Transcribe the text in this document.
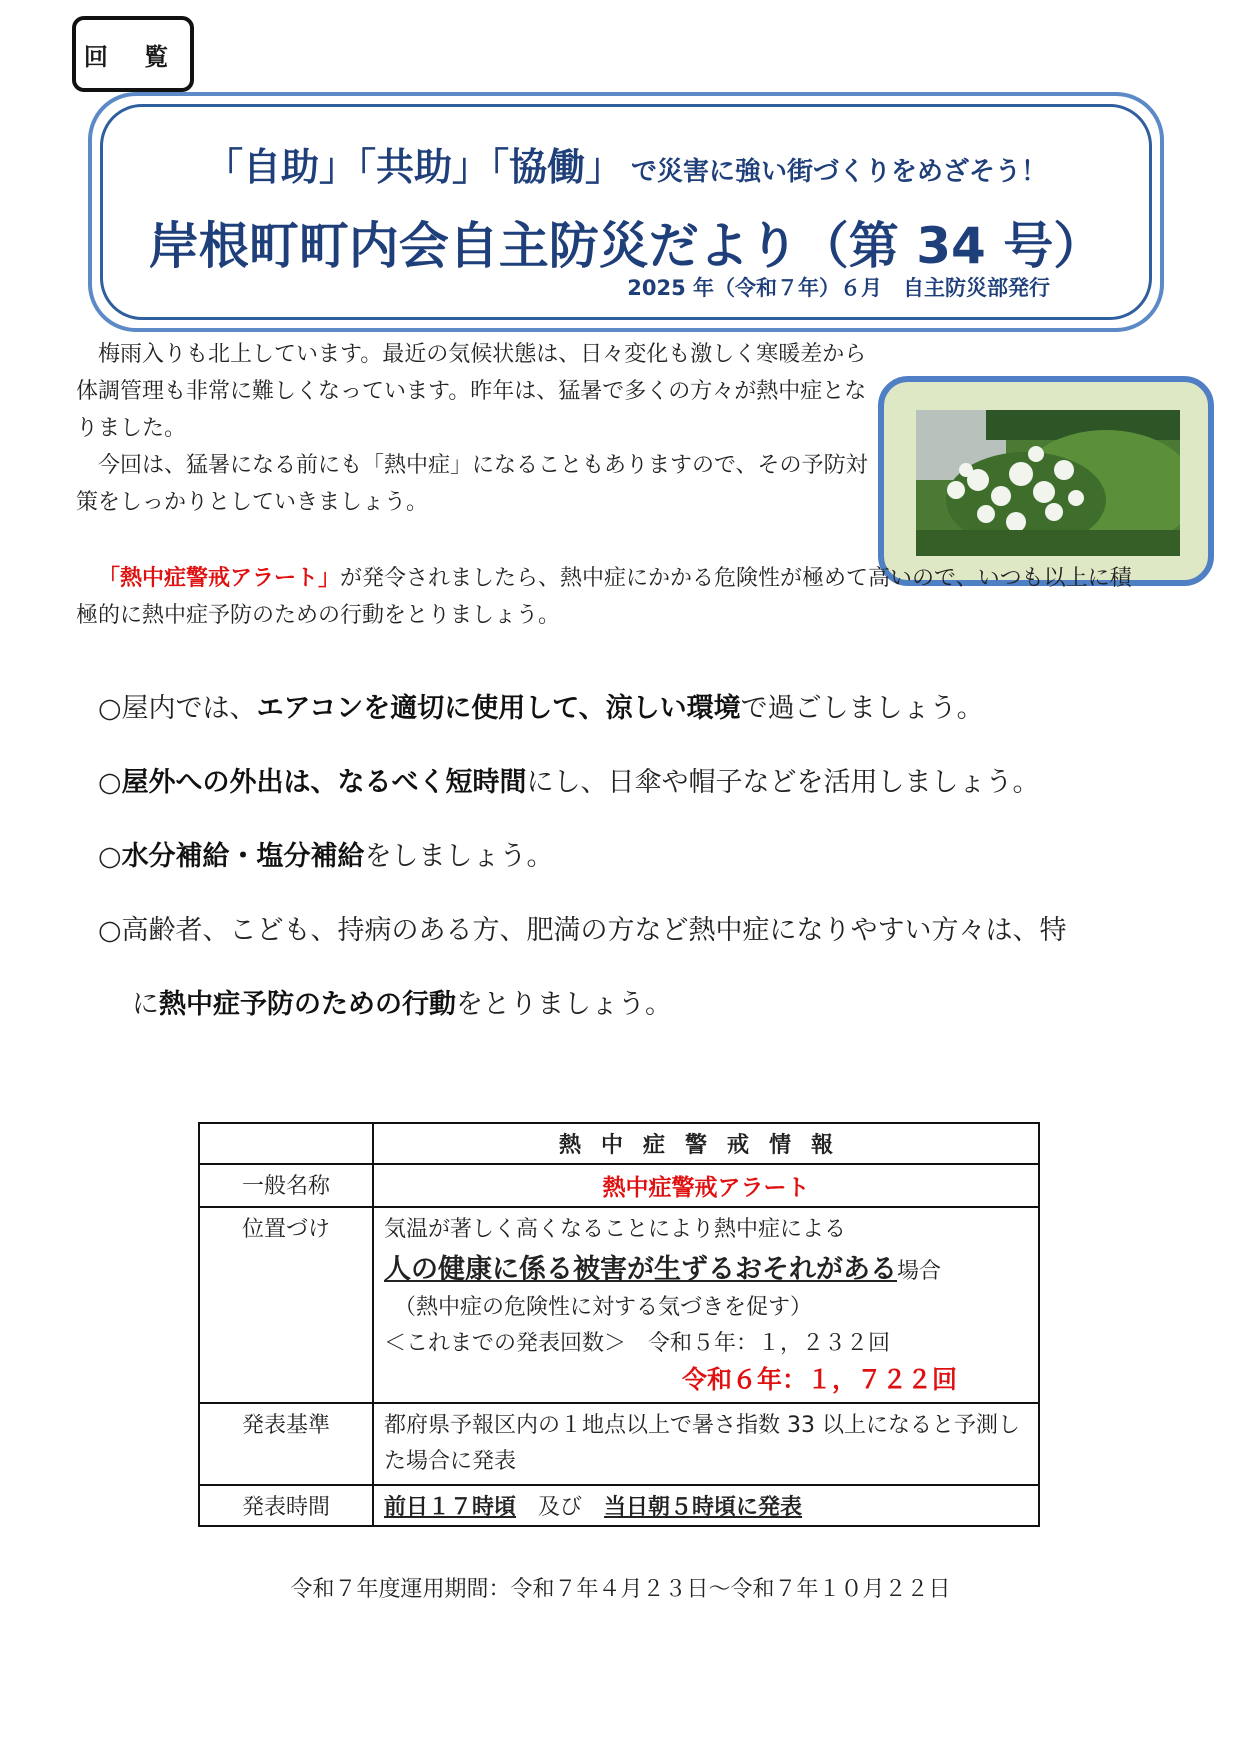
回 覧
「自助」「共助」「協働」 で災害に強い街づくりをめざそう！
岸根町町内会自主防災だより（第 34 号）
2025 年（令和７年）６月　自主防災部発行

梅雨入りも北上しています。最近の気候状態は、日々変化も激しく寒暖差から体調管理も非常に難しくなっています。昨年は、猛暑で多くの方々が熱中症となりました。

今回は、猛暑になる前にも「熱中症」になることもありますので、その予防対策をしっかりとしていきましょう。

「熱中症警戒アラート」が発令されましたら、熱中症にかかる危険性が極めて高いので、いつも以上に積極的に熱中症予防のための行動をとりましょう。
○屋内では、エアコンを適切に使用して、涼しい環境で過ごしましょう。
○屋外への外出は、なるべく短時間にし、日傘や帽子などを活用しましょう。
○水分補給・塩分補給をしましょう。
○高齢者、こども、持病のある方、肥満の方など熱中症になりやすい方々は、特
に熱中症予防のための行動をとりましょう。
	熱中症警戒情報
一般名称	熱中症警戒アラート
位置づけ	気温が著しく高くなることにより熱中症による
人の健康に係る被害が生ずるおそれがある場合
（熱中症の危険性に対する気づきを促す）
＜これまでの発表回数＞　令和５年：１，２３２回
令和６年：１，７２２回

発表基準	都府県予報区内の１地点以上で暑さ指数 33 以上になると予測した場合に発表
発表時間	前日１７時頃　及び　当日朝５時頃に発表
令和７年度運用期間：令和７年４月２３日～令和７年１０月２２日
